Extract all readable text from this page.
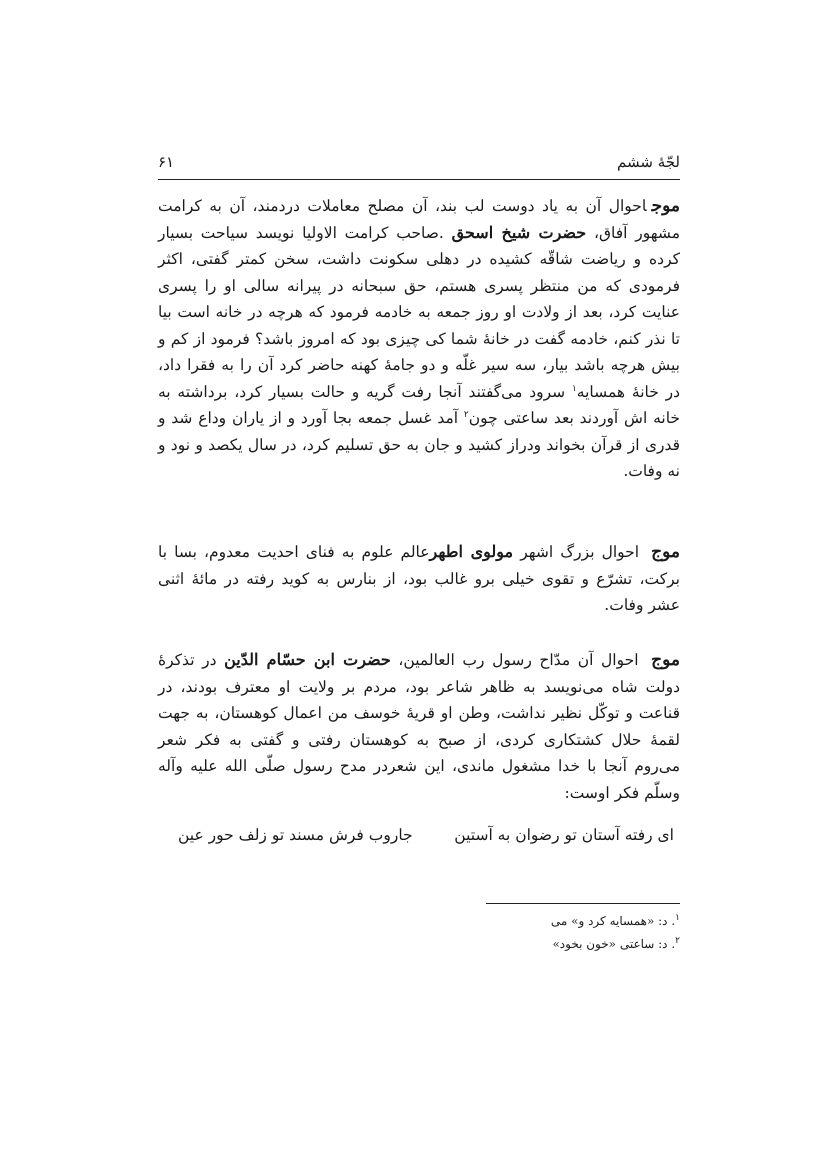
لجّهٔ ششم
۶۱

موجاحوال آن به یاد دوست لب بند، آن مصلح معاملات دردمند، آن به کرامت مشهور آفاق، حضرت شیخ اسحق .صاحب کرامت الاولیا نویسد سیاحت بسیار کرده و ریاضت شاقّه کشیده در دهلی سکونت داشت، سخن کمتر گفتی، اکثر فرمودی که من منتظر پسری هستم، حق سبحانه در پیرانه سالی او را پسری عنایت کرد، بعد از ولادت او روز جمعه به خادمه فرمود که هرچه در خانه است بیا تا نذر کنم، خادمه گفت در خانهٔ شما کی چیزی بود که امروز باشد؟ فرمود از کم و بیش هرچه باشد بیار، سه سیر غلّه و دو جامهٔ کهنه حاضر کرد آن را به فقرا داد، در خانهٔ همسایه$^۱$ سرود می‌گفتند آنجا رفت گریه و حالت بسیار کرد، برداشته به خانه اش آوردند بعد ساعتی چون$^۲$ آمد غسل جمعه بجا آورد و از یاران وداع شد و قدری از قرآن بخواند ودراز کشید و جان به حق تسلیم کرد، در سال یکصد و نود و نه وفات.

موج احوال بزرگ اشهر مولوی اطهرعالم علوم به فنای احدیت معدوم، بسا با برکت، تشرّع و تقوی خیلی برو غالب بود، از بنارس به کوید رفته در مائهٔ اثنی عشر وفات.

موج احوال آن مدّاح رسول رب العالمین، حضرت ابن حسّام الدّین در تذکرهٔ دولت شاه می‌نویسد به ظاهر شاعر بود، مردم بر ولایت او معترف بودند، در قناعت و توکّل نظیر نداشت، وطن او قریهٔ خوسف من اعمال کوهستان، به جهت لقمهٔ حلال کشتکاری کردی، از صبح به کوهستان رفتی و گفتی به فکر شعر می‌روم آنجا با خدا مشغول ماندی، این شعردر مدح رسول صلّی الله علیه وآله وسلّم فکر اوست:

ای رفته آستان تو رضوان به آستین
جاروب فرش مسند تو زلف حور عین
$^۱$. د: «همسایه کرد و» می
$^۲$. د: ساعتی «خون بخود»
